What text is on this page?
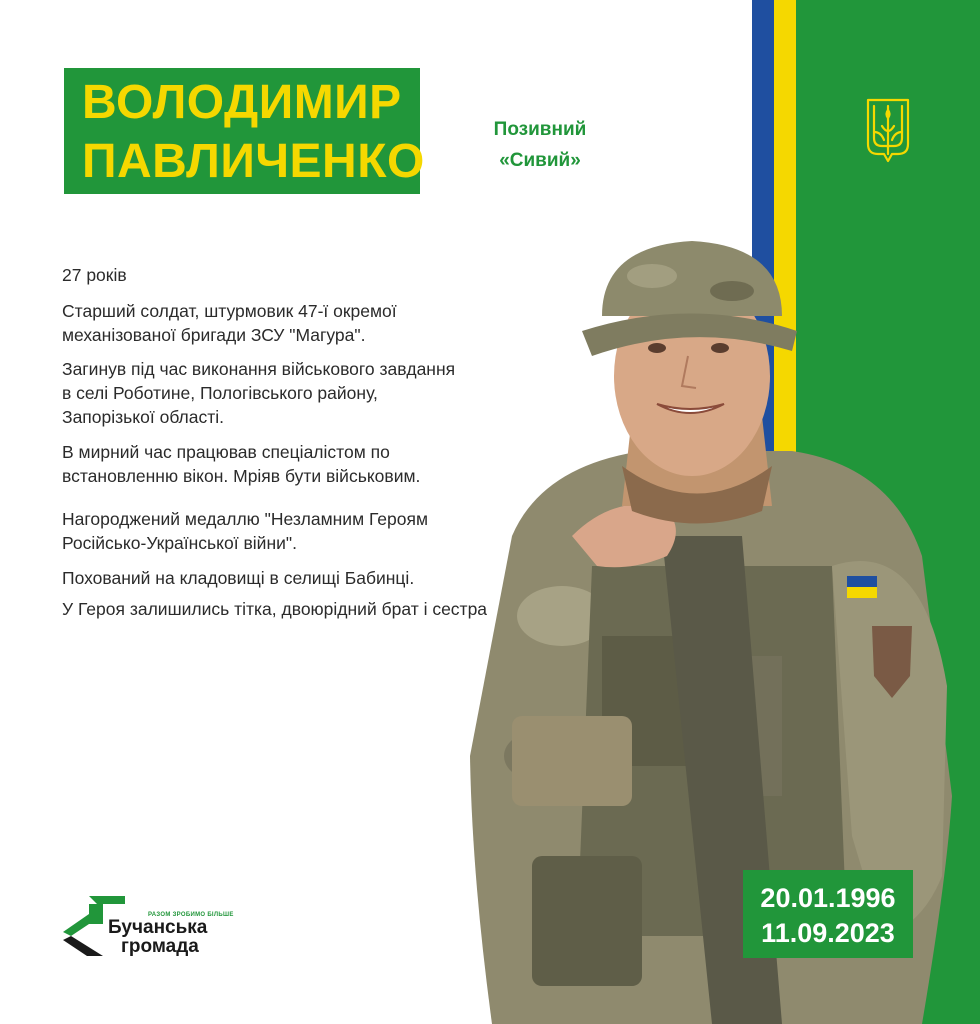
ВОЛОДИМИР
ПАВЛИЧЕНКО
Позивний
«Сивий»
27 років
Старший солдат, штурмовик 47-ї окремої
механізованої бригади ЗСУ "Магура".
Загинув під час виконання військового завдання
в селі Роботине, Пологівського району,
Запорізької області.
В мирний час працював спеціалістом по
встановленню вікон. Мріяв бути військовим.
Нагороджений медаллю "Незламним Героям
Російсько-Української війни".
Похований на кладовищі в селищі Бабинці.
У Героя залишились тітка, двоюрідний брат і сестра
20.01.1996
11.09.2023
РАЗОМ ЗРОБИМО БІЛЬШЕ
Бучанська
громада
